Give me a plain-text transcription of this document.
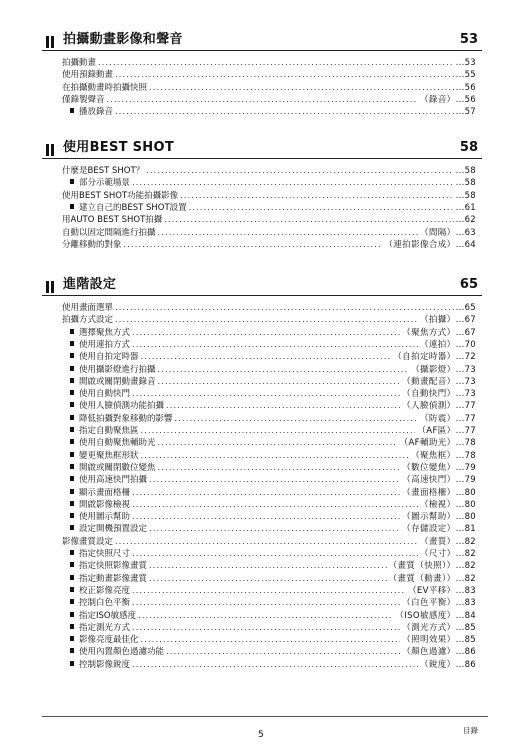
拍攝動畫影像和聲音	53
拍攝動畫 .....	...53
使用預錄動畫 .....	...55
在拍攝動畫時拍攝快照 .....	...56
僅錄製聲音 .....	（錄音） ...56
播放錄音 .....	...57
使用BEST SHOT	58
什麼是BEST SHOT？ .....	...58
部分示範場景 .....	...58
使用BEST SHOT功能拍攝影像 .....	...58
建立自己的BEST SHOT設置 .....	...61
用AUTO BEST SHOT拍攝 .....	...62
自動以固定間隔進行拍攝 .....	（間隔） ...63
分離移動的對象 .....	（連拍影像合成） ...64
進階設定	65
使用畫面選單 .....	...65
拍攝方式設定 .....	（拍攝） ...67
選擇聚焦方式 .....	（聚焦方式） ...67
使用連拍方式 .....	（連拍） ...70
使用自拍定時器 .....	（自拍定時器） ...72
使用攝影燈進行拍攝 .....	（攝影燈） ...73
開啟或關閉動畫錄音 .....	（動畫配音） ...73
使用自動快門 .....	（自動快門） ...73
使用人臉偵測功能拍攝 .....	（人臉偵測） ...77
降低拍攝對象移動的影響 .....	（防震） ...77
指定自動聚焦區 .....	（AF區） ...77
使用自動聚焦輔助光 .....	（AF輔助光） ...78
變更聚焦框形狀 .....	（聚焦框） ...78
開啟或關閉數位變焦 .....	（數位變焦） ...79
使用高速快門拍攝 .....	（高速快門） ...79
顯示畫面格柵 .....	（畫面格柵） ...80
開啟影像檢視 .....	（檢視） ...80
使用圖示幫助 .....	（圖示幫助） ...80
設定開機預置設定 .....	（存儲設定） ...81
影像畫質設定 .....	（畫質） ...82
指定快照尺寸 .....	（尺寸） ...82
指定快照影像畫質 .....	（畫質（快照）） ...82
指定動畫影像畫質 .....	（畫質（動畫）） ...82
校正影像亮度 .....	（EV平移） ...83
控制白色平衡 .....	（白色平衡） ...83
指定ISO敏感度 .....	（ISO敏感度） ...84
指定測光方式 .....	（測光方式） ...85
影像亮度最佳化 .....	（照明效果） ...85
使用內置顏色過濾功能 .....	（顏色過濾） ...86
控制影像銳度 .....	（銳度） ...86
5	目錄
